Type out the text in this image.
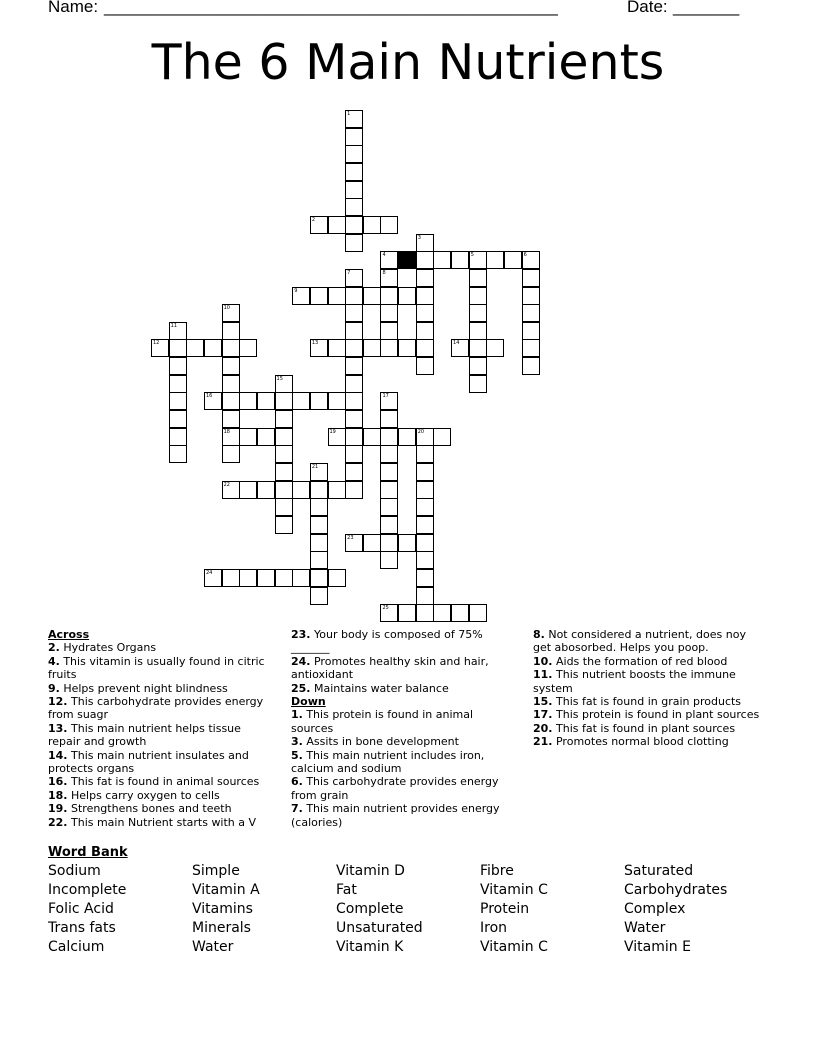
Name: ________________________________________________	Date: _______
The 6 Main Nutrients
2
4	5
9
12	13	14
16
18	19	20
22
23
24
25
1
3
6
7	8
10
11
15
17
21
Across
2. Hydrates Organs
4. This vitamin is usually found in citric fruits
9. Helps prevent night blindness
12. This carbohydrate provides energy from suagr
13. This main nutrient helps tissue repair and growth
14. This main nutrient insulates and protects organs
16. This fat is found in animal sources
18. Helps carry oxygen to cells
19. Strengthens bones and teeth
22. This main Nutrient starts with a V
23. Your body is composed of 75% _______
24. Promotes healthy skin and hair, antioxidant
25. Maintains water balance
Down
1. This protein is found in animal sources
3. Assits in bone development
5. This main nutrient includes iron, calcium and sodium
6. This carbohydrate provides energy from grain
7. This main nutrient provides energy (calories)
8. Not considered a nutrient, does noy get abosorbed. Helps you poop.
10. Aids the formation of red blood
11. This nutrient boosts the immune system
15. This fat is found in grain products
17. This protein is found in plant sources
20. This fat is found in plant sources
21. Promotes normal blood clotting
Word Bank
Sodium	Simple	Vitamin D	Fibre	Saturated
Incomplete	Vitamin A	Fat	Vitamin C	Carbohydrates
Folic Acid	Vitamins	Complete	Protein	Complex
Trans fats	Minerals	Unsaturated	Iron	Water
Calcium	Water	Vitamin K	Vitamin C	Vitamin E
